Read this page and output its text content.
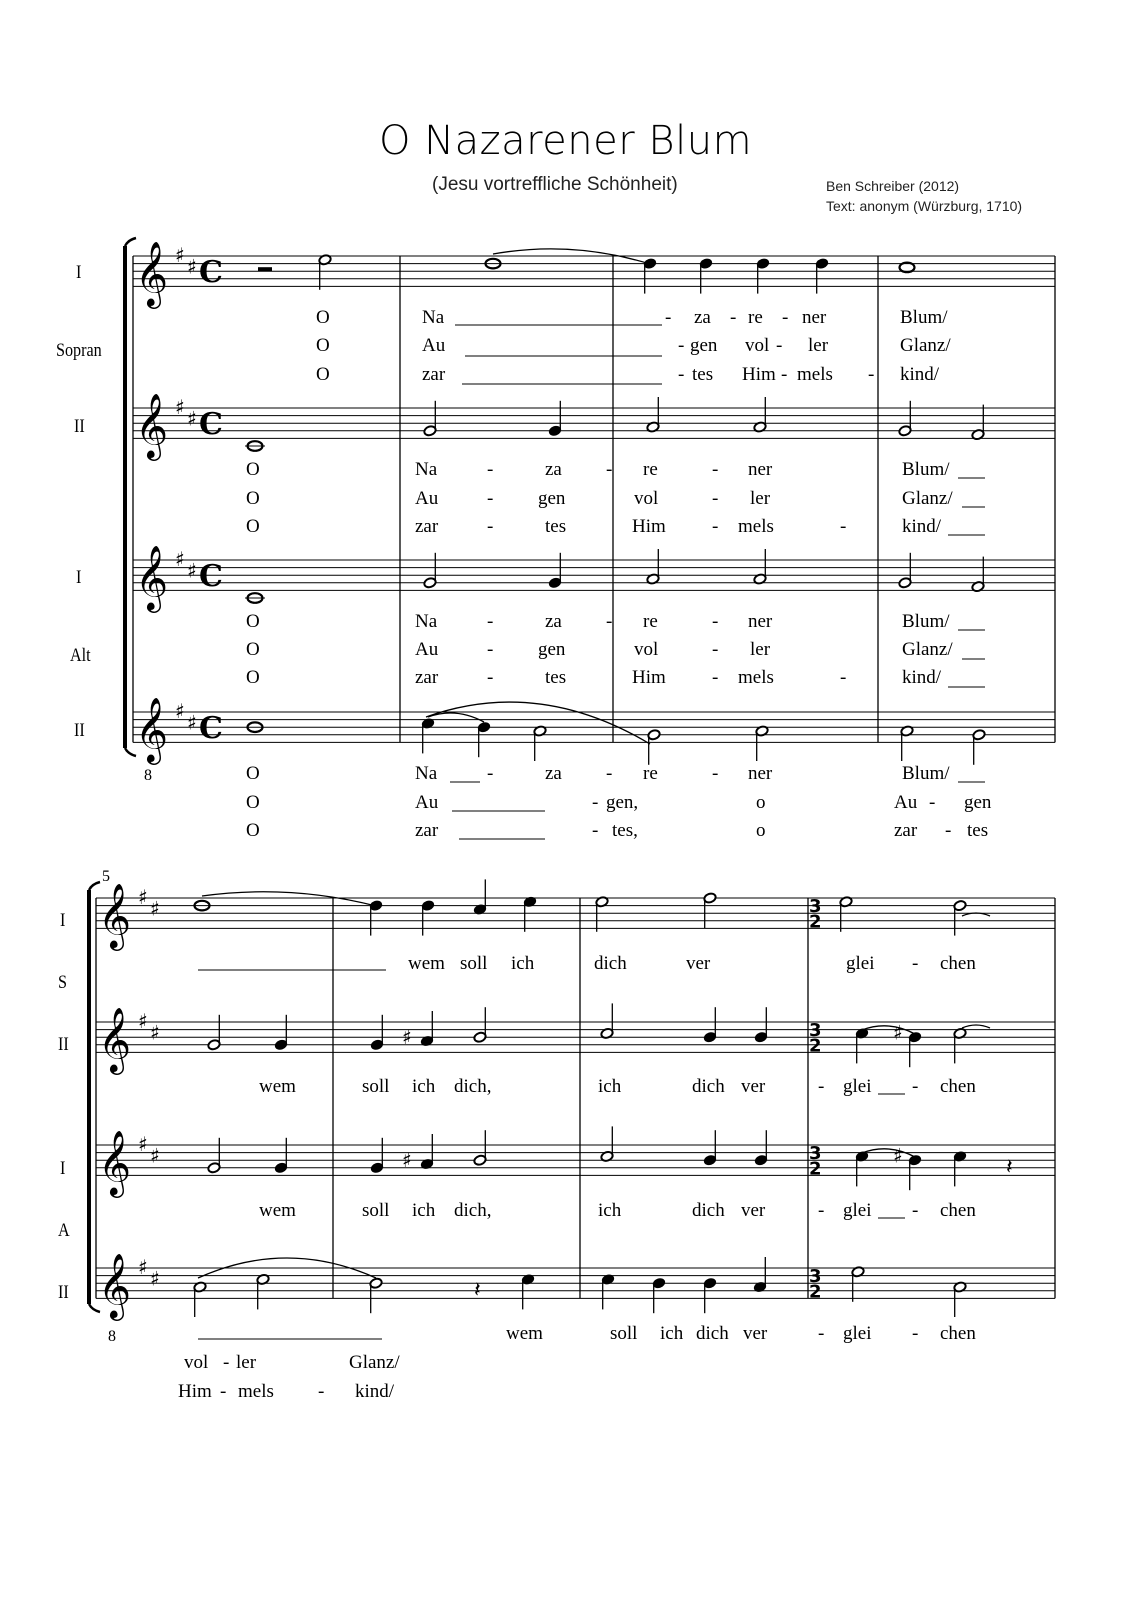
O Nazarener Blum
(Jesu vortreffliche Schönheit)	Ben Schreiber (2012)
Text: anonym (Würzburg, 1710)
I
Sopran
II
I
Alt
II
8
5
I
S
II
I
A
II
8
O	Na	- za - re - ner	Blum/
O	Au	- gen vol - ler	Glanz/
O	zar	- tes Him - mels - kind/
O	Na	-	za - re	- ner	Blum/
O	Au	- gen	vol	- ler	Glanz/
O	zar	-	tes	Him - mels	-	kind/
O	Na	-	za - re	- ner	Blum/
O	Au	- gen	vol	- ler	Glanz/
O	zar	-	tes	Him - mels	-	kind/
O	Na	-	za - re	- ner	Blum/
O	Au	- gen,	o	Au - gen
O	zar	- tes,	o	zar - tes
wem soll ich	dich	ver	glei - chen
wem	soll ich dich,	ich	dich ver	- glei - chen
wem	soll ich dich,	ich	dich ver	- glei - chen
wem	soll ich dich ver	- glei - chen
vol - ler	Glanz/
Him - mels - kind/
𝄞 ♯ ♯ C
𝄞 ♯ ♯ C
𝄞 ♯ ♯ C
𝄞 ♯ ♯ C
𝄞 ♯ ♯	3
2
𝄞 ♯ ♯	3
2
𝄞 ♯ ♯	3
2
𝄞 ♯ ♯	3
2
♯	♯
♯	♯	𝄽
𝄽
